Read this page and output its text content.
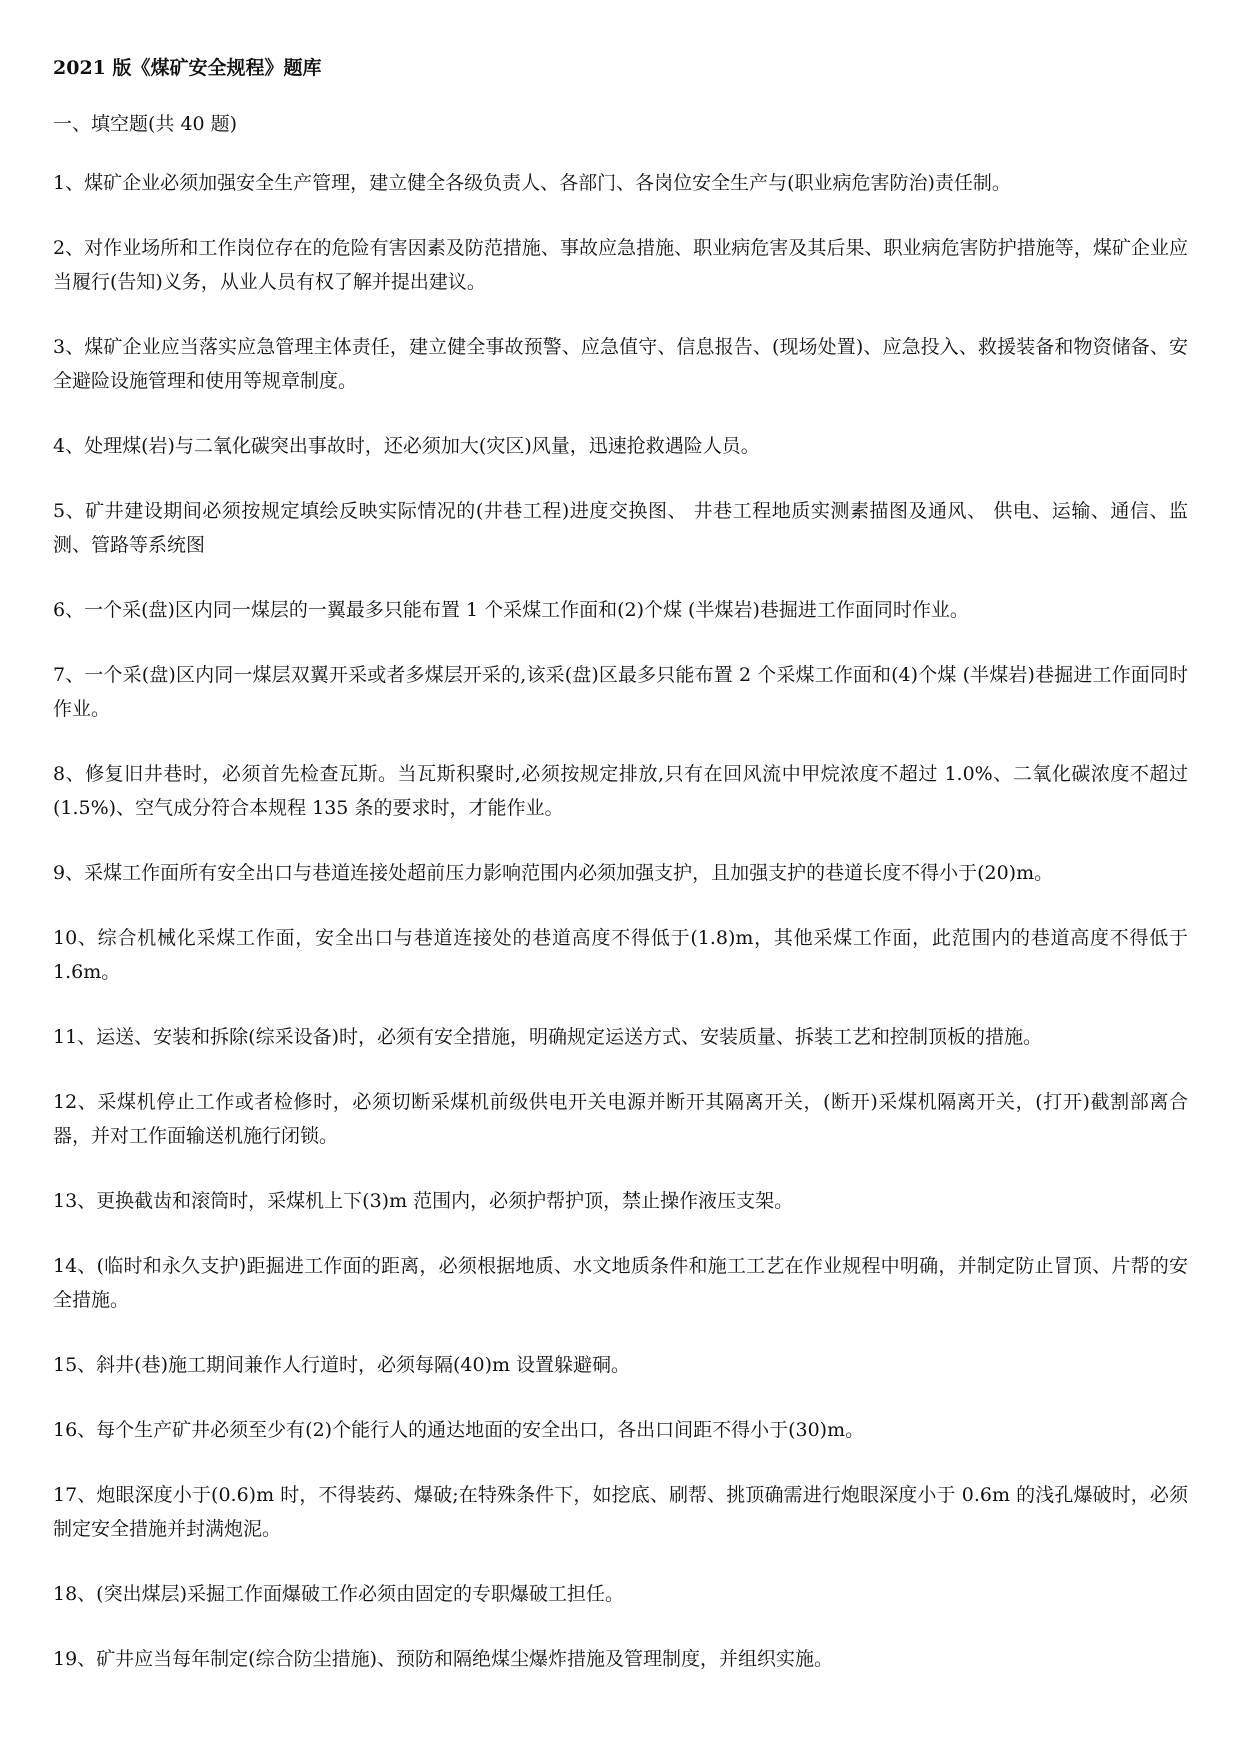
2021 版《煤矿安全规程》题库
一、填空题(共 40 题)

1、煤矿企业必须加强安全生产管理，建立健全各级负责人、各部门、各岗位安全生产与(职业病危害防治)责任制。

2、对作业场所和工作岗位存在的危险有害因素及防范措施、事故应急措施、职业病危害及其后果、职业病危害防护措施等，煤矿企业应当履行(告知)义务，从业人员有权了解并提出建议。

3、煤矿企业应当落实应急管理主体责任，建立健全事故预警、应急值守、信息报告、(现场处置)、应急投入、救援装备和物资储备、安全避险设施管理和使用等规章制度。

4、处理煤(岩)与二氧化碳突出事故时，还必须加大(灾区)风量，迅速抢救遇险人员。

5、矿井建设期间必须按规定填绘反映实际情况的(井巷工程)进度交换图、 井巷工程地质实测素描图及通风、 供电、运输、通信、监测、管路等系统图

6、一个采(盘)区内同一煤层的一翼最多只能布置 1 个采煤工作面和(2)个煤 (半煤岩)巷掘进工作面同时作业。

7、一个采(盘)区内同一煤层双翼开采或者多煤层开采的,该采(盘)区最多只能布置 2 个采煤工作面和(4)个煤 (半煤岩)巷掘进工作面同时作业。

8、修复旧井巷时，必须首先检查瓦斯。当瓦斯积聚时,必须按规定排放,只有在回风流中甲烷浓度不超过 1.0%、二氧化碳浓度不超过(1.5%)、空气成分符合本规程 135 条的要求时，才能作业。

9、采煤工作面所有安全出口与巷道连接处超前压力影响范围内必须加强支护，且加强支护的巷道长度不得小于(20)m。

10、综合机械化采煤工作面，安全出口与巷道连接处的巷道高度不得低于(1.8)m，其他采煤工作面，此范围内的巷道高度不得低于 1.6m。

11、运送、安装和拆除(综采设备)时，必须有安全措施，明确规定运送方式、安装质量、拆装工艺和控制顶板的措施。

12、采煤机停止工作或者检修时，必须切断采煤机前级供电开关电源并断开其隔离开关，(断开)采煤机隔离开关，(打开)截割部离合器，并对工作面输送机施行闭锁。

13、更换截齿和滚筒时，采煤机上下(3)m 范围内，必须护帮护顶，禁止操作液压支架。

14、(临时和永久支护)距掘进工作面的距离，必须根据地质、水文地质条件和施工工艺在作业规程中明确，并制定防止冒顶、片帮的安全措施。

15、斜井(巷)施工期间兼作人行道时，必须每隔(40)m 设置躲避硐。

16、每个生产矿井必须至少有(2)个能行人的通达地面的安全出口，各出口间距不得小于(30)m。

17、炮眼深度小于(0.6)m 时，不得装药、爆破;在特殊条件下，如挖底、刷帮、挑顶确需进行炮眼深度小于 0.6m 的浅孔爆破时，必须制定安全措施并封满炮泥。

18、(突出煤层)采掘工作面爆破工作必须由固定的专职爆破工担任。

19、矿井应当每年制定(综合防尘措施)、预防和隔绝煤尘爆炸措施及管理制度，并组织实施。
